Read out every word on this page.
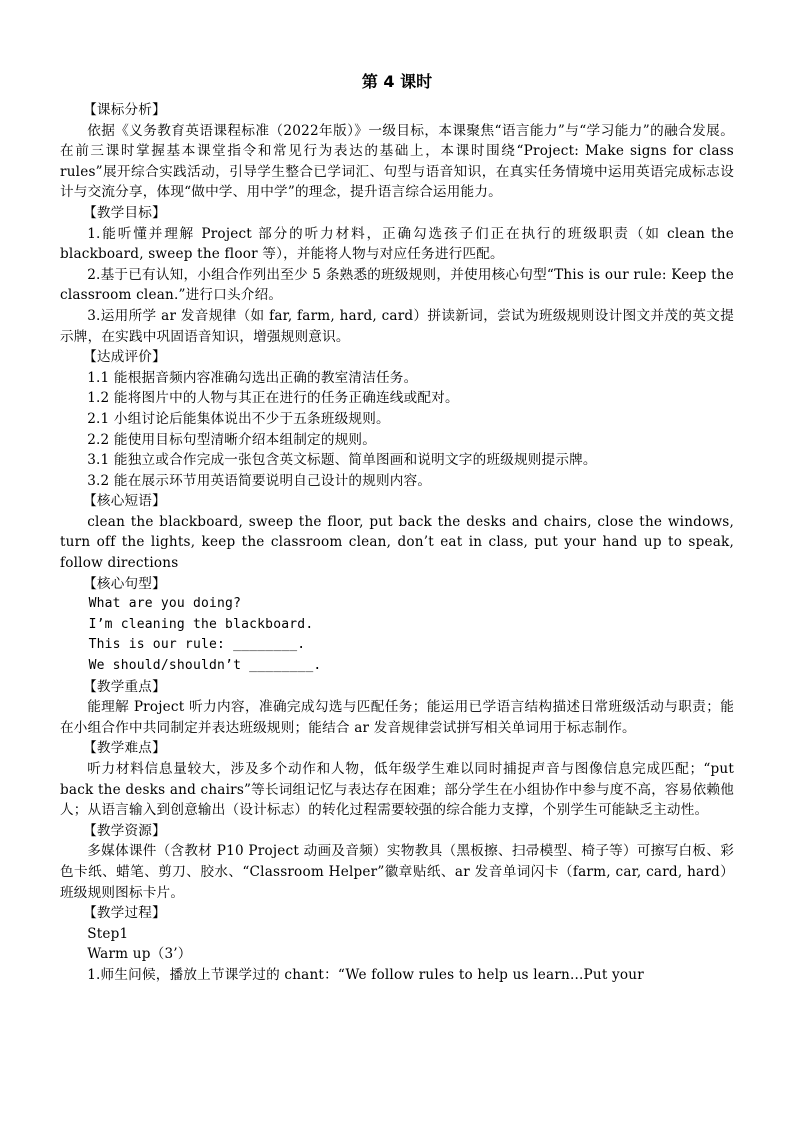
第 4 课时

【课标分析】

依据《义务教育英语课程标准（2022年版）》一级目标，本课聚焦“语言能力”与“学习能力”的融合发展。在前三课时掌握基本课堂指令和常见行为表达的基础上，本课时围绕“Project: Make signs for class rules”展开综合实践活动，引导学生整合已学词汇、句型与语音知识，在真实任务情境中运用英语完成标志设计与交流分享，体现“做中学、用中学”的理念，提升语言综合运用能力。

【教学目标】

1.能听懂并理解 Project 部分的听力材料，正确勾选孩子们正在执行的班级职责（如 clean the blackboard, sweep the floor 等），并能将人物与对应任务进行匹配。

2.基于已有认知，小组合作列出至少 5 条熟悉的班级规则，并使用核心句型“This is our rule: Keep the classroom clean.”进行口头介绍。

3.运用所学 ar 发音规律（如 far, farm, hard, card）拼读新词，尝试为班级规则设计图文并茂的英文提示牌，在实践中巩固语音知识，增强规则意识。

【达成评价】

1.1 能根据音频内容准确勾选出正确的教室清洁任务。

1.2 能将图片中的人物与其正在进行的任务正确连线或配对。

2.1 小组讨论后能集体说出不少于五条班级规则。

2.2 能使用目标句型清晰介绍本组制定的规则。

3.1 能独立或合作完成一张包含英文标题、简单图画和说明文字的班级规则提示牌。

3.2 能在展示环节用英语简要说明自己设计的规则内容。

【核心短语】

clean the blackboard, sweep the floor, put back the desks and chairs, close the windows, turn off the lights, keep the classroom clean, don’t eat in class, put your hand up to speak, follow directions

【核心句型】

What are you doing?

I’m cleaning the blackboard.

This is our rule: ________.

We should/shouldn’t ________.

【教学重点】

能理解 Project 听力内容，准确完成勾选与匹配任务；能运用已学语言结构描述日常班级活动与职责；能在小组合作中共同制定并表达班级规则；能结合 ar 发音规律尝试拼写相关单词用于标志制作。

【教学难点】

听力材料信息量较大，涉及多个动作和人物，低年级学生难以同时捕捉声音与图像信息完成匹配；“put back the desks and chairs”等长词组记忆与表达存在困难；部分学生在小组协作中参与度不高，容易依赖他人；从语言输入到创意输出（设计标志）的转化过程需要较强的综合能力支撑，个别学生可能缺乏主动性。

【教学资源】

多媒体课件（含教材 P10 Project 动画及音频）实物教具（黑板擦、扫帚模型、椅子等）可擦写白板、彩色卡纸、蜡笔、剪刀、胶水、“Classroom Helper”徽章贴纸、ar 发音单词闪卡（farm, car, card, hard）班级规则图标卡片。

【教学过程】

Step1

Warm up（3’）

1.师生问候，播放上节课学过的 chant：“We follow rules to help us learn...Put your
